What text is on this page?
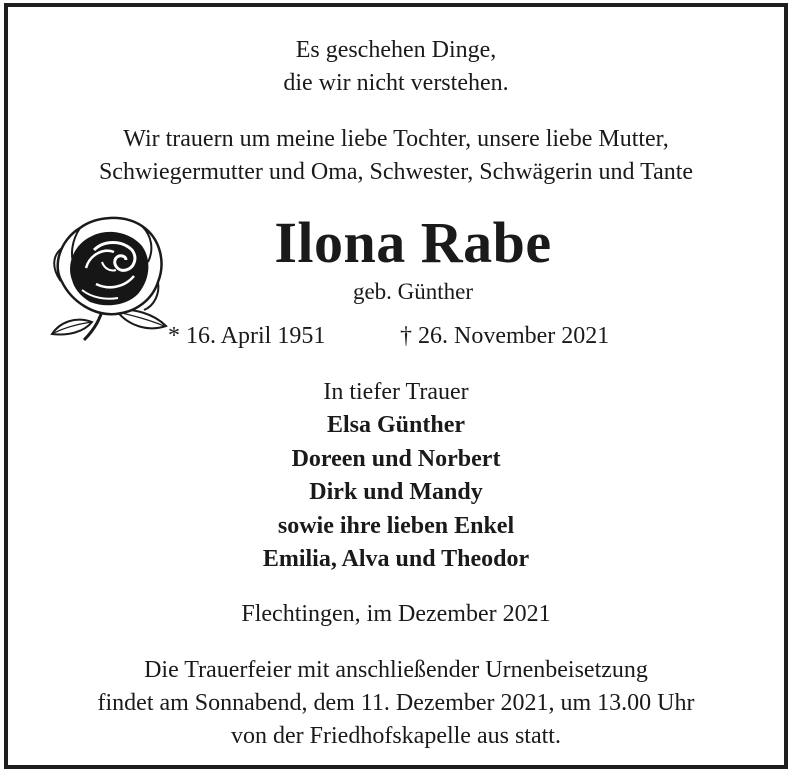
Es geschehen Dinge,
die wir nicht verstehen.
Wir trauern um meine liebe Tochter, unsere liebe Mutter,
Schwiegermutter und Oma, Schwester, Schwägerin und Tante
Ilona Rabe
geb. Günther
* 16. April 1951	† 26. November 2021
In tiefer Trauer
Elsa Günther
Doreen und Norbert
Dirk und Mandy
sowie ihre lieben Enkel
Emilia, Alva und Theodor
Flechtingen, im Dezember 2021
Die Trauerfeier mit anschließender Urnenbeisetzung
findet am Sonnabend, dem 11. Dezember 2021, um 13.00 Uhr
von der Friedhofskapelle aus statt.
